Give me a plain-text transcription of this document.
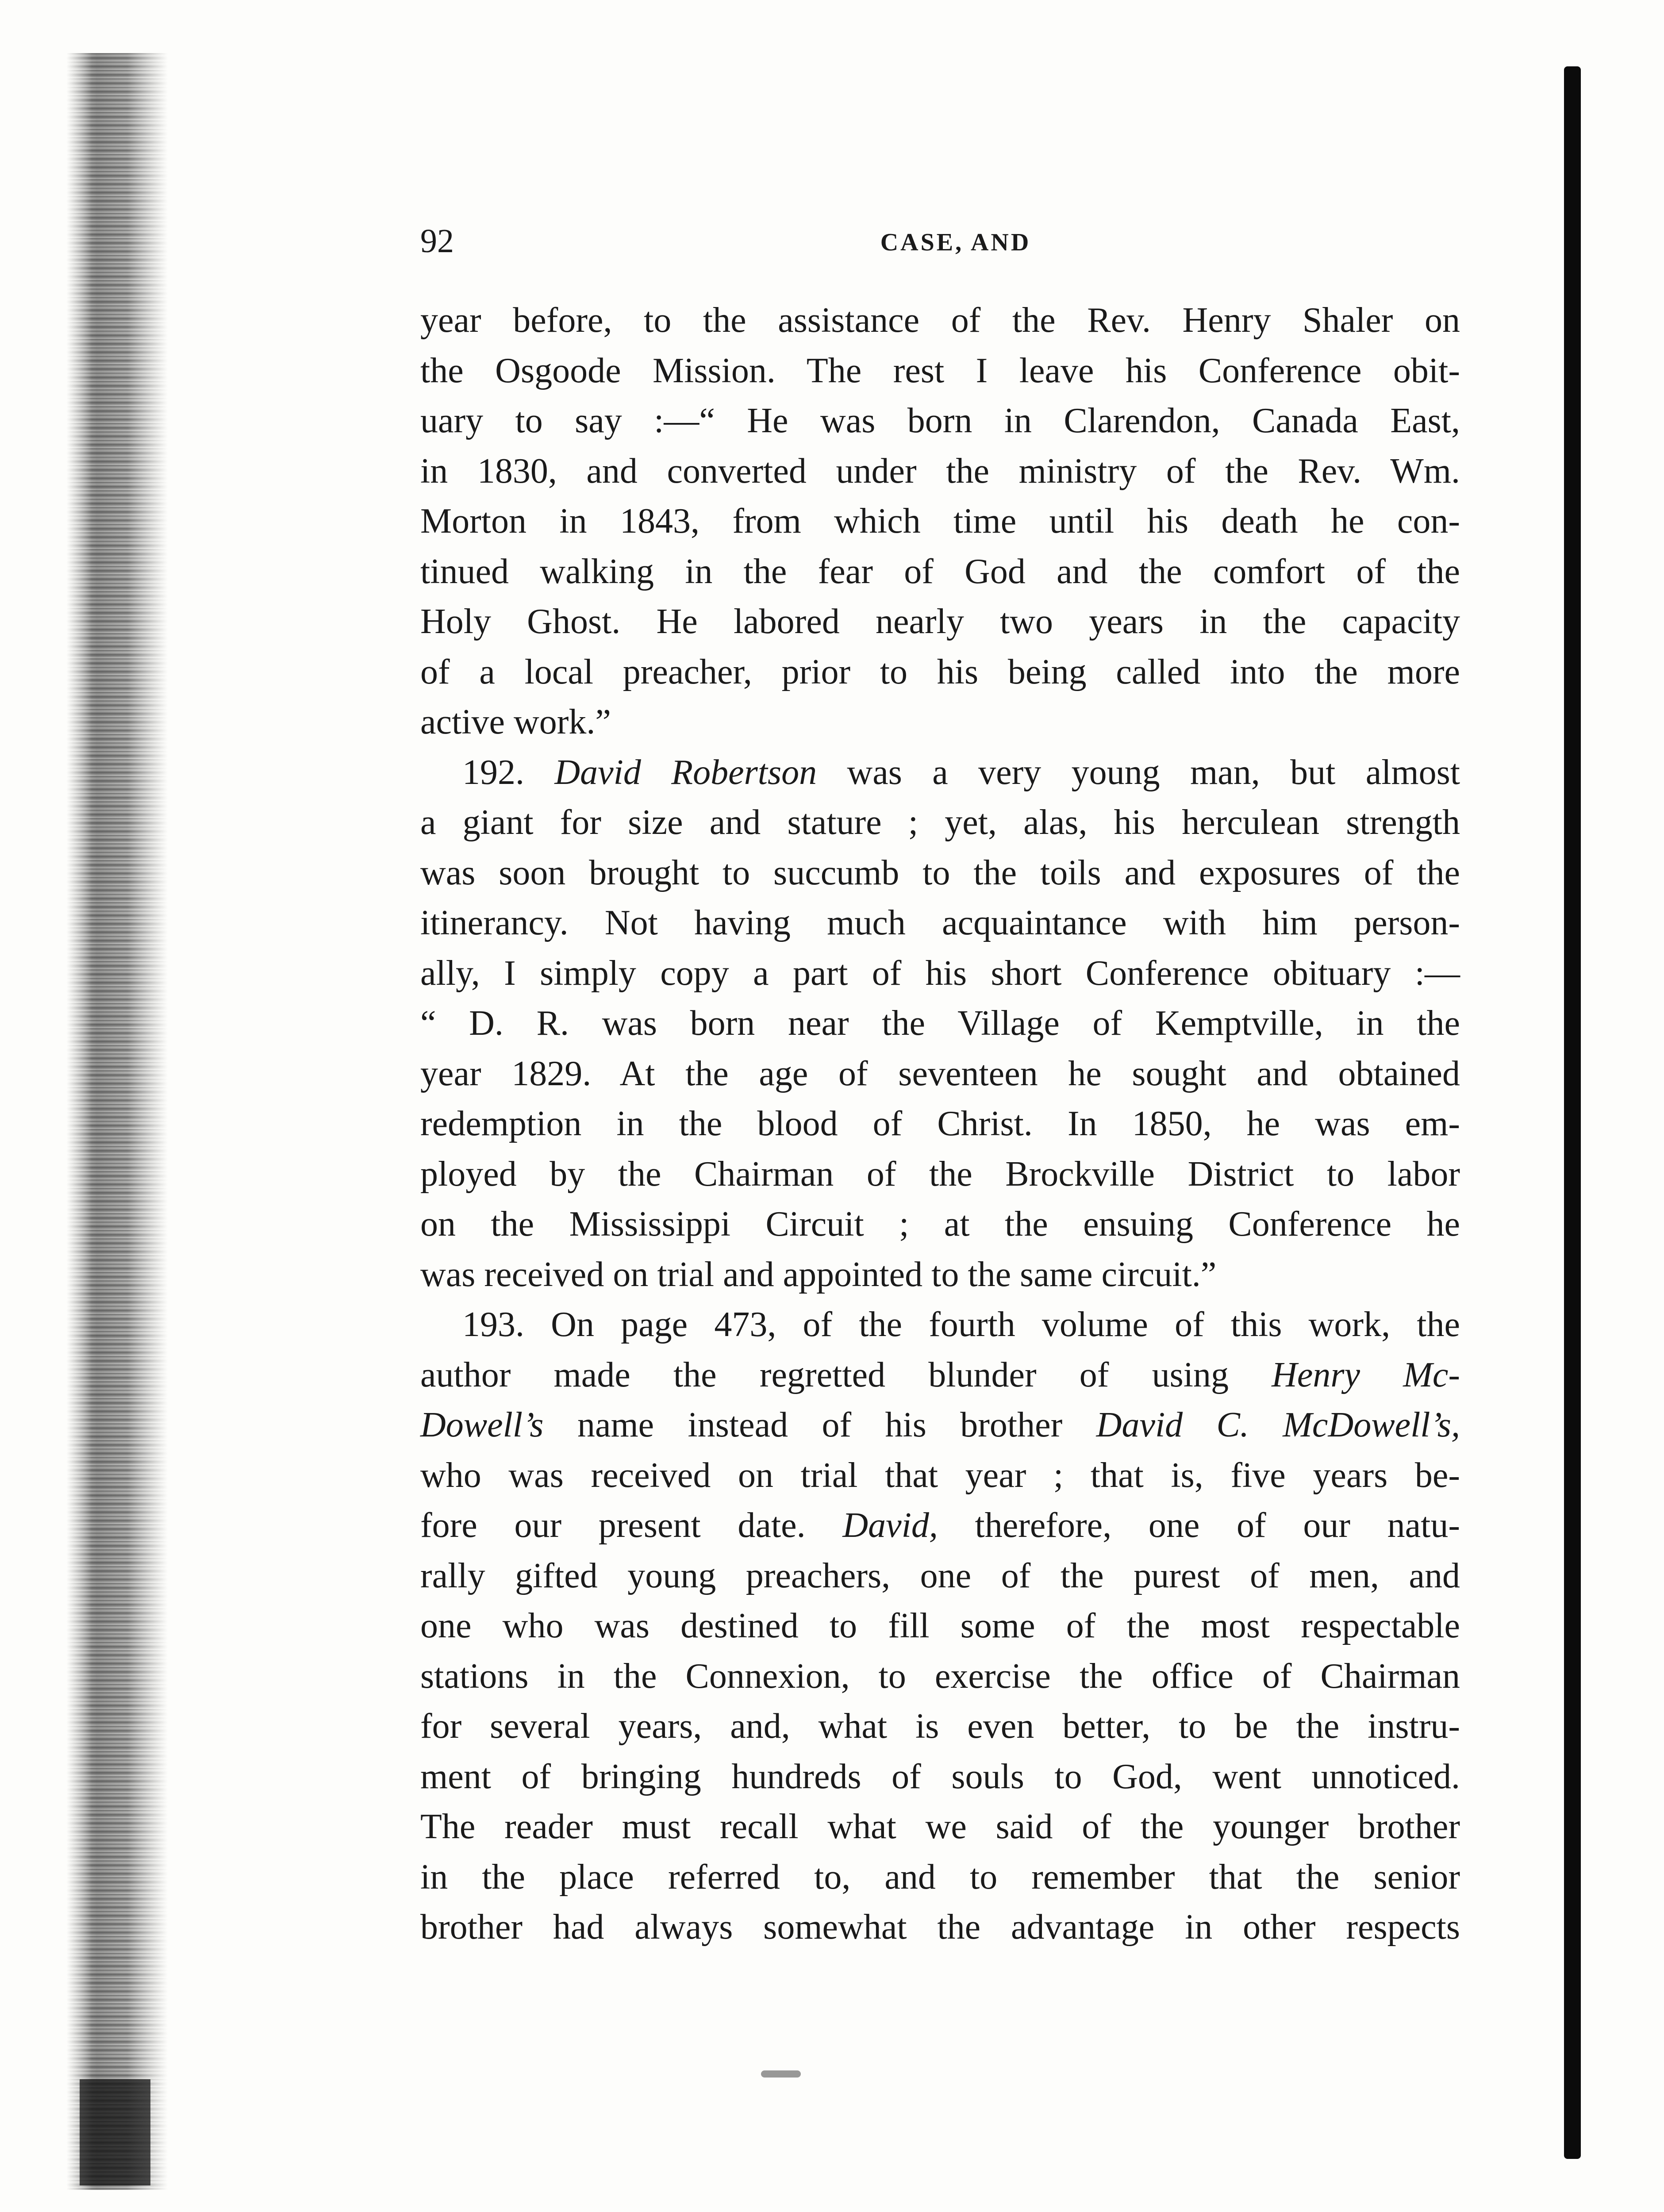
92	CASE, AND
year before, to the assistance of the Rev. Henry Shaler on
the Osgoode Mission. The rest I leave his Conference obit-
uary to say :—“ He was born in Clarendon, Canada East,
in 1830, and converted under the ministry of the Rev. Wm.
Morton in 1843, from which time until his death he con-
tinued walking in the fear of God and the comfort of the
Holy Ghost. He labored nearly two years in the capacity
of a local preacher, prior to his being called into the more
active work.”
192. David Robertson was a very young man, but almost
a giant for size and stature ; yet, alas, his herculean strength
was soon brought to succumb to the toils and exposures of the
itinerancy. Not having much acquaintance with him person-
ally, I simply copy a part of his short Conference obituary :—
“ D. R. was born near the Village of Kemptville, in the
year 1829. At the age of seventeen he sought and obtained
redemption in the blood of Christ. In 1850, he was em-
ployed by the Chairman of the Brockville District to labor
on the Mississippi Circuit ; at the ensuing Conference he
was received on trial and appointed to the same circuit.”
193. On page 473, of the fourth volume of this work, the
author made the regretted blunder of using Henry Mc-
Dowell’s name instead of his brother David C. McDowell’s,
who was received on trial that year ; that is, five years be-
fore our present date. David, therefore, one of our natu-
rally gifted young preachers, one of the purest of men, and
one who was destined to fill some of the most respectable
stations in the Connexion, to exercise the office of Chairman
for several years, and, what is even better, to be the instru-
ment of bringing hundreds of souls to God, went unnoticed.
The reader must recall what we said of the younger brother
in the place referred to, and to remember that the senior
brother had always somewhat the advantage in other respects
